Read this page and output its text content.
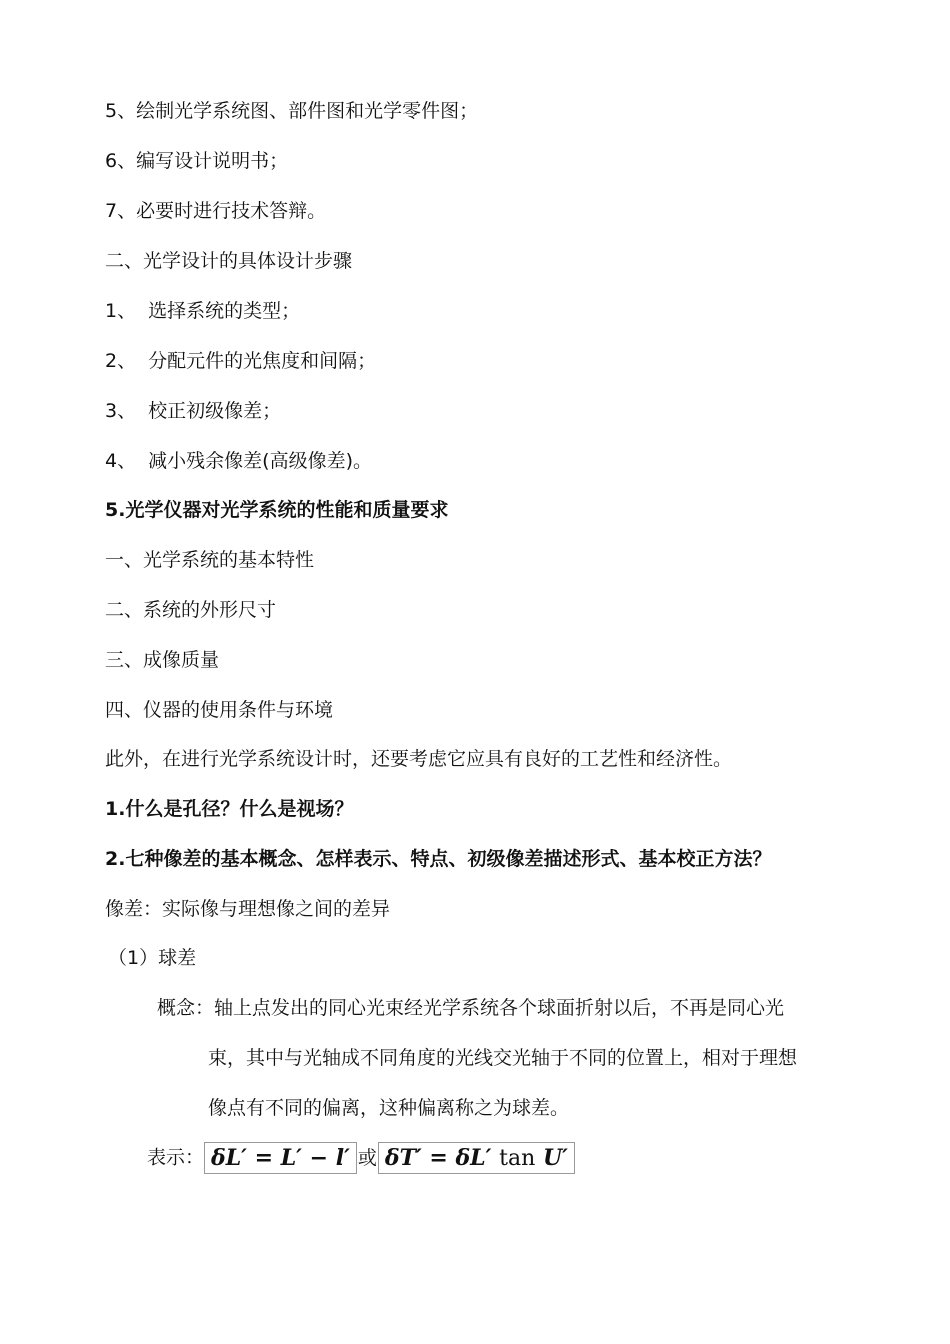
5、绘制光学系统图、部件图和光学零件图；
6、编写设计说明书；
7、必要时进行技术答辩。
二、光学设计的具体设计步骤
1、  选择系统的类型；
2、  分配元件的光焦度和间隔；
3、  校正初级像差；
4、  减小残余像差(高级像差)。
5.光学仪器对光学系统的性能和质量要求
一、光学系统的基本特性
二、系统的外形尺寸
三、成像质量
四、仪器的使用条件与环境
此外，在进行光学系统设计时，还要考虑它应具有良好的工艺性和经济性。
1.什么是孔径？什么是视场？
2.七种像差的基本概念、怎样表示、特点、初级像差描述形式、基本校正方法？
像差：实际像与理想像之间的差异
（1）球差
概念：轴上点发出的同心光束经光学系统各个球面折射以后，不再是同心光
束，其中与光轴成不同角度的光线交光轴于不同的位置上，相对于理想
像点有不同的偏离，这种偏离称之为球差。
表示： δL′ = L′ − l′ 或 δT′ = δL′ tan U′
